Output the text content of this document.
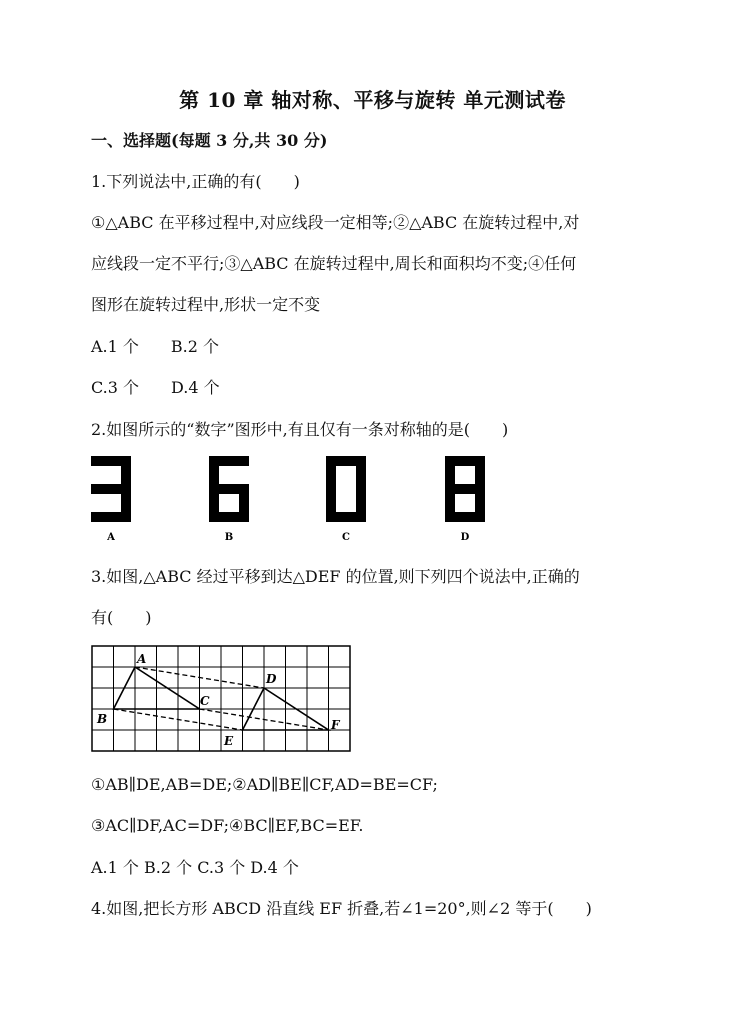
第 10 章 轴对称、平移与旋转 单元测试卷
一、选择题(每题 3 分,共 30 分)
1.下列说法中,正确的有(　　)
①△ABC 在平移过程中,对应线段一定相等;②△ABC 在旋转过程中,对
应线段一定不平行;③△ABC 在旋转过程中,周长和面积均不变;④任何
图形在旋转过程中,形状一定不变
A.1 个　　B.2 个
C.3 个　　D.4 个
2.如图所示的“数字”图形中,有且仅有一条对称轴的是(　　)
A	B	C	D
3.如图,△ABC 经过平移到达△DEF 的位置,则下列四个说法中,正确的
有(　　)
A
B
C
D
E
F
①AB∥DE,AB=DE;②AD∥BE∥CF,AD=BE=CF;
③AC∥DF,AC=DF;④BC∥EF,BC=EF.
A.1 个 B.2 个 C.3 个 D.4 个
4.如图,把长方形 ABCD 沿直线 EF 折叠,若∠1=20°,则∠2 等于(　　)
